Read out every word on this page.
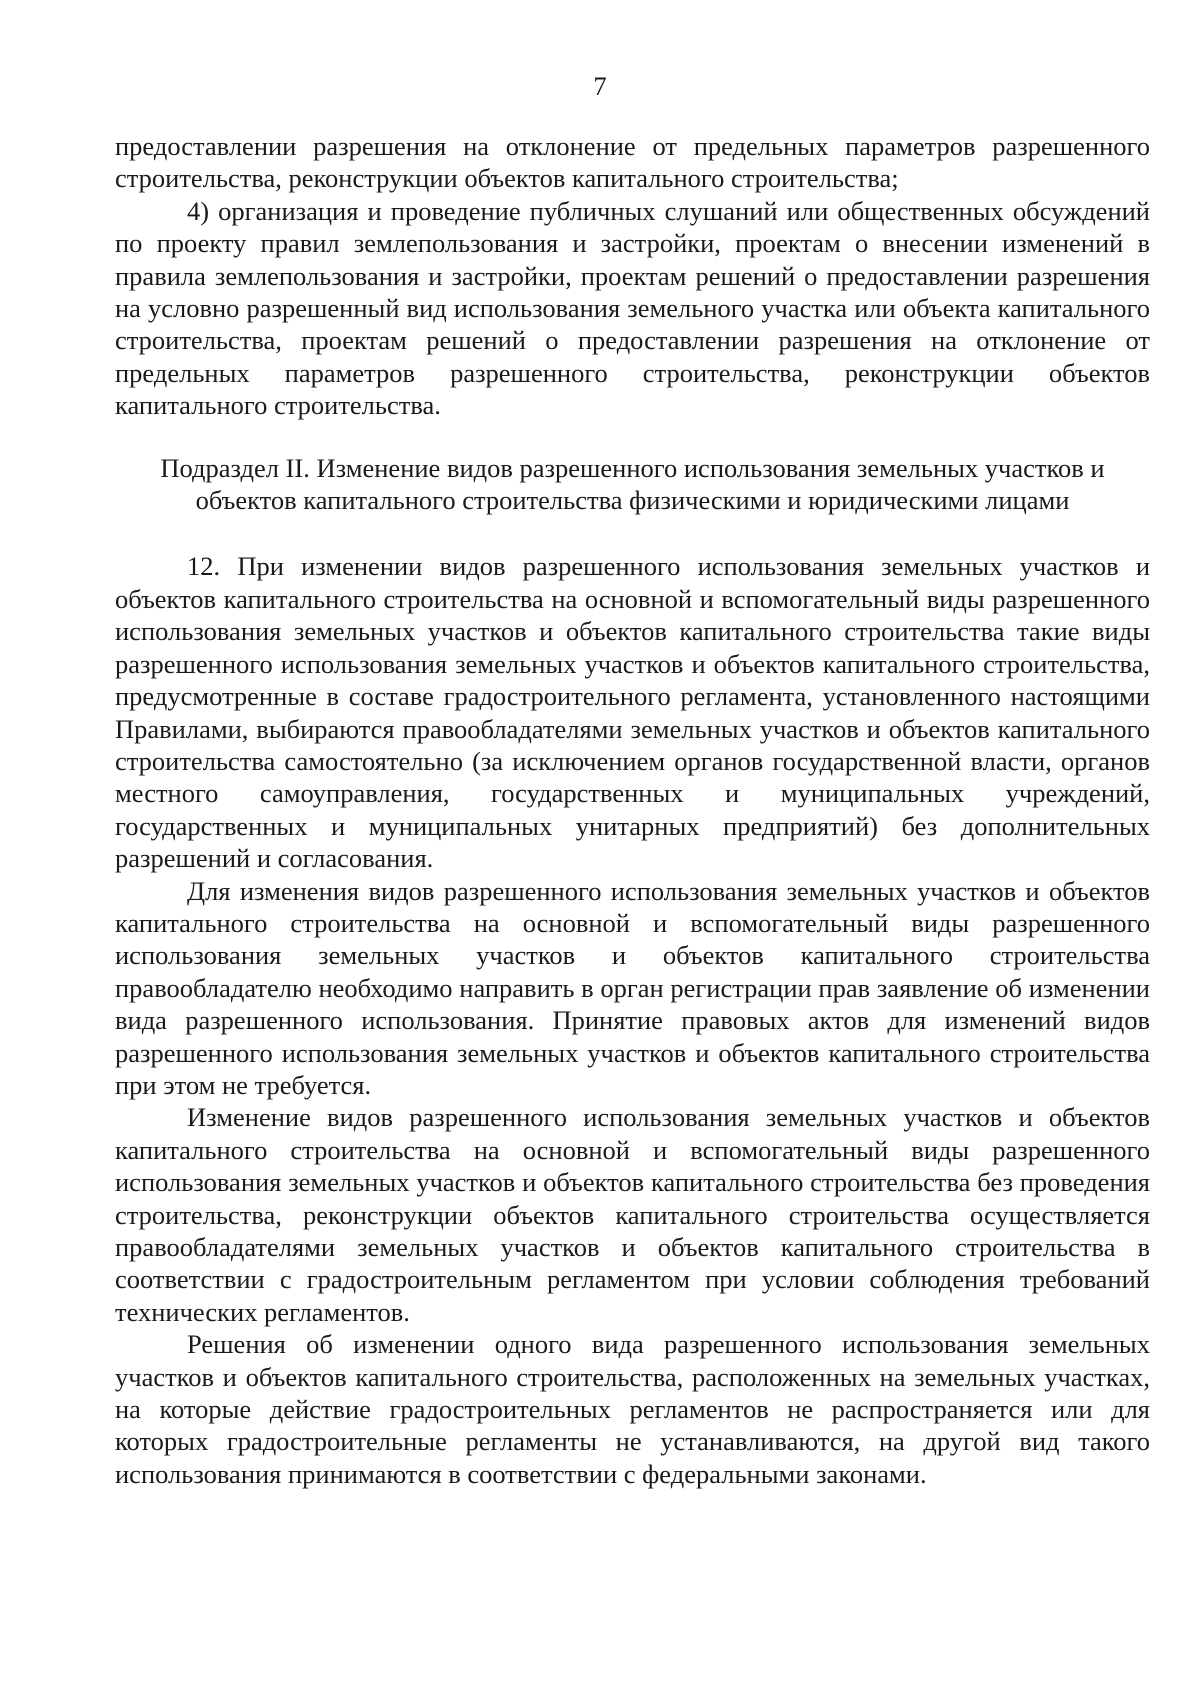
7

предоставлении разрешения на отклонение от предельных параметров разрешенного строительства, реконструкции объектов капитального строительства;

4) организация и проведение публичных слушаний или общественных обсуждений по проекту правил землепользования и застройки, проектам о внесении изменений в правила землепользования и застройки, проектам решений о предоставлении разрешения на условно разрешенный вид использования земельного участка или объекта капитального строительства, проектам решений о предоставлении разрешения на отклонение от предельных параметров разрешенного строительства, реконструкции объектов капитального строительства.

Подраздел II. Изменение видов разрешенного использования земельных участков и
объектов капитального строительства физическими и юридическими лицами

12. При изменении видов разрешенного использования земельных участков и объектов капитального строительства на основной и вспомогательный виды разрешенного использования земельных участков и объектов капитального строительства такие виды разрешенного использования земельных участков и объектов капитального строительства, предусмотренные в составе градостроительного регламента, установленного настоящими Правилами, выбираются правообладателями земельных участков и объектов капитального строительства самостоятельно (за исключением органов государственной власти, органов местного самоуправления, государственных и муниципальных учреждений, государственных и муниципальных унитарных предприятий) без дополнительных разрешений и согласования.

Для изменения видов разрешенного использования земельных участков и объектов капитального строительства на основной и вспомогательный виды разрешенного использования земельных участков и объектов капитального строительства правообладателю необходимо направить в орган регистрации прав заявление об изменении вида разрешенного использования. Принятие правовых актов для изменений видов разрешенного использования земельных участков и объектов капитального строительства при этом не требуется.

Изменение видов разрешенного использования земельных участков и объектов капитального строительства на основной и вспомогательный виды разрешенного использования земельных участков и объектов капитального строительства без проведения строительства, реконструкции объектов капитального строительства осуществляется правообладателями земельных участков и объектов капитального строительства в соответствии с градостроительным регламентом при условии соблюдения требований технических регламентов.

Решения об изменении одного вида разрешенного использования земельных участков и объектов капитального строительства, расположенных на земельных участках, на которые действие градостроительных регламентов не распространяется или для которых градостроительные регламенты не устанавливаются, на другой вид такого использования принимаются в соответствии с федеральными законами.
